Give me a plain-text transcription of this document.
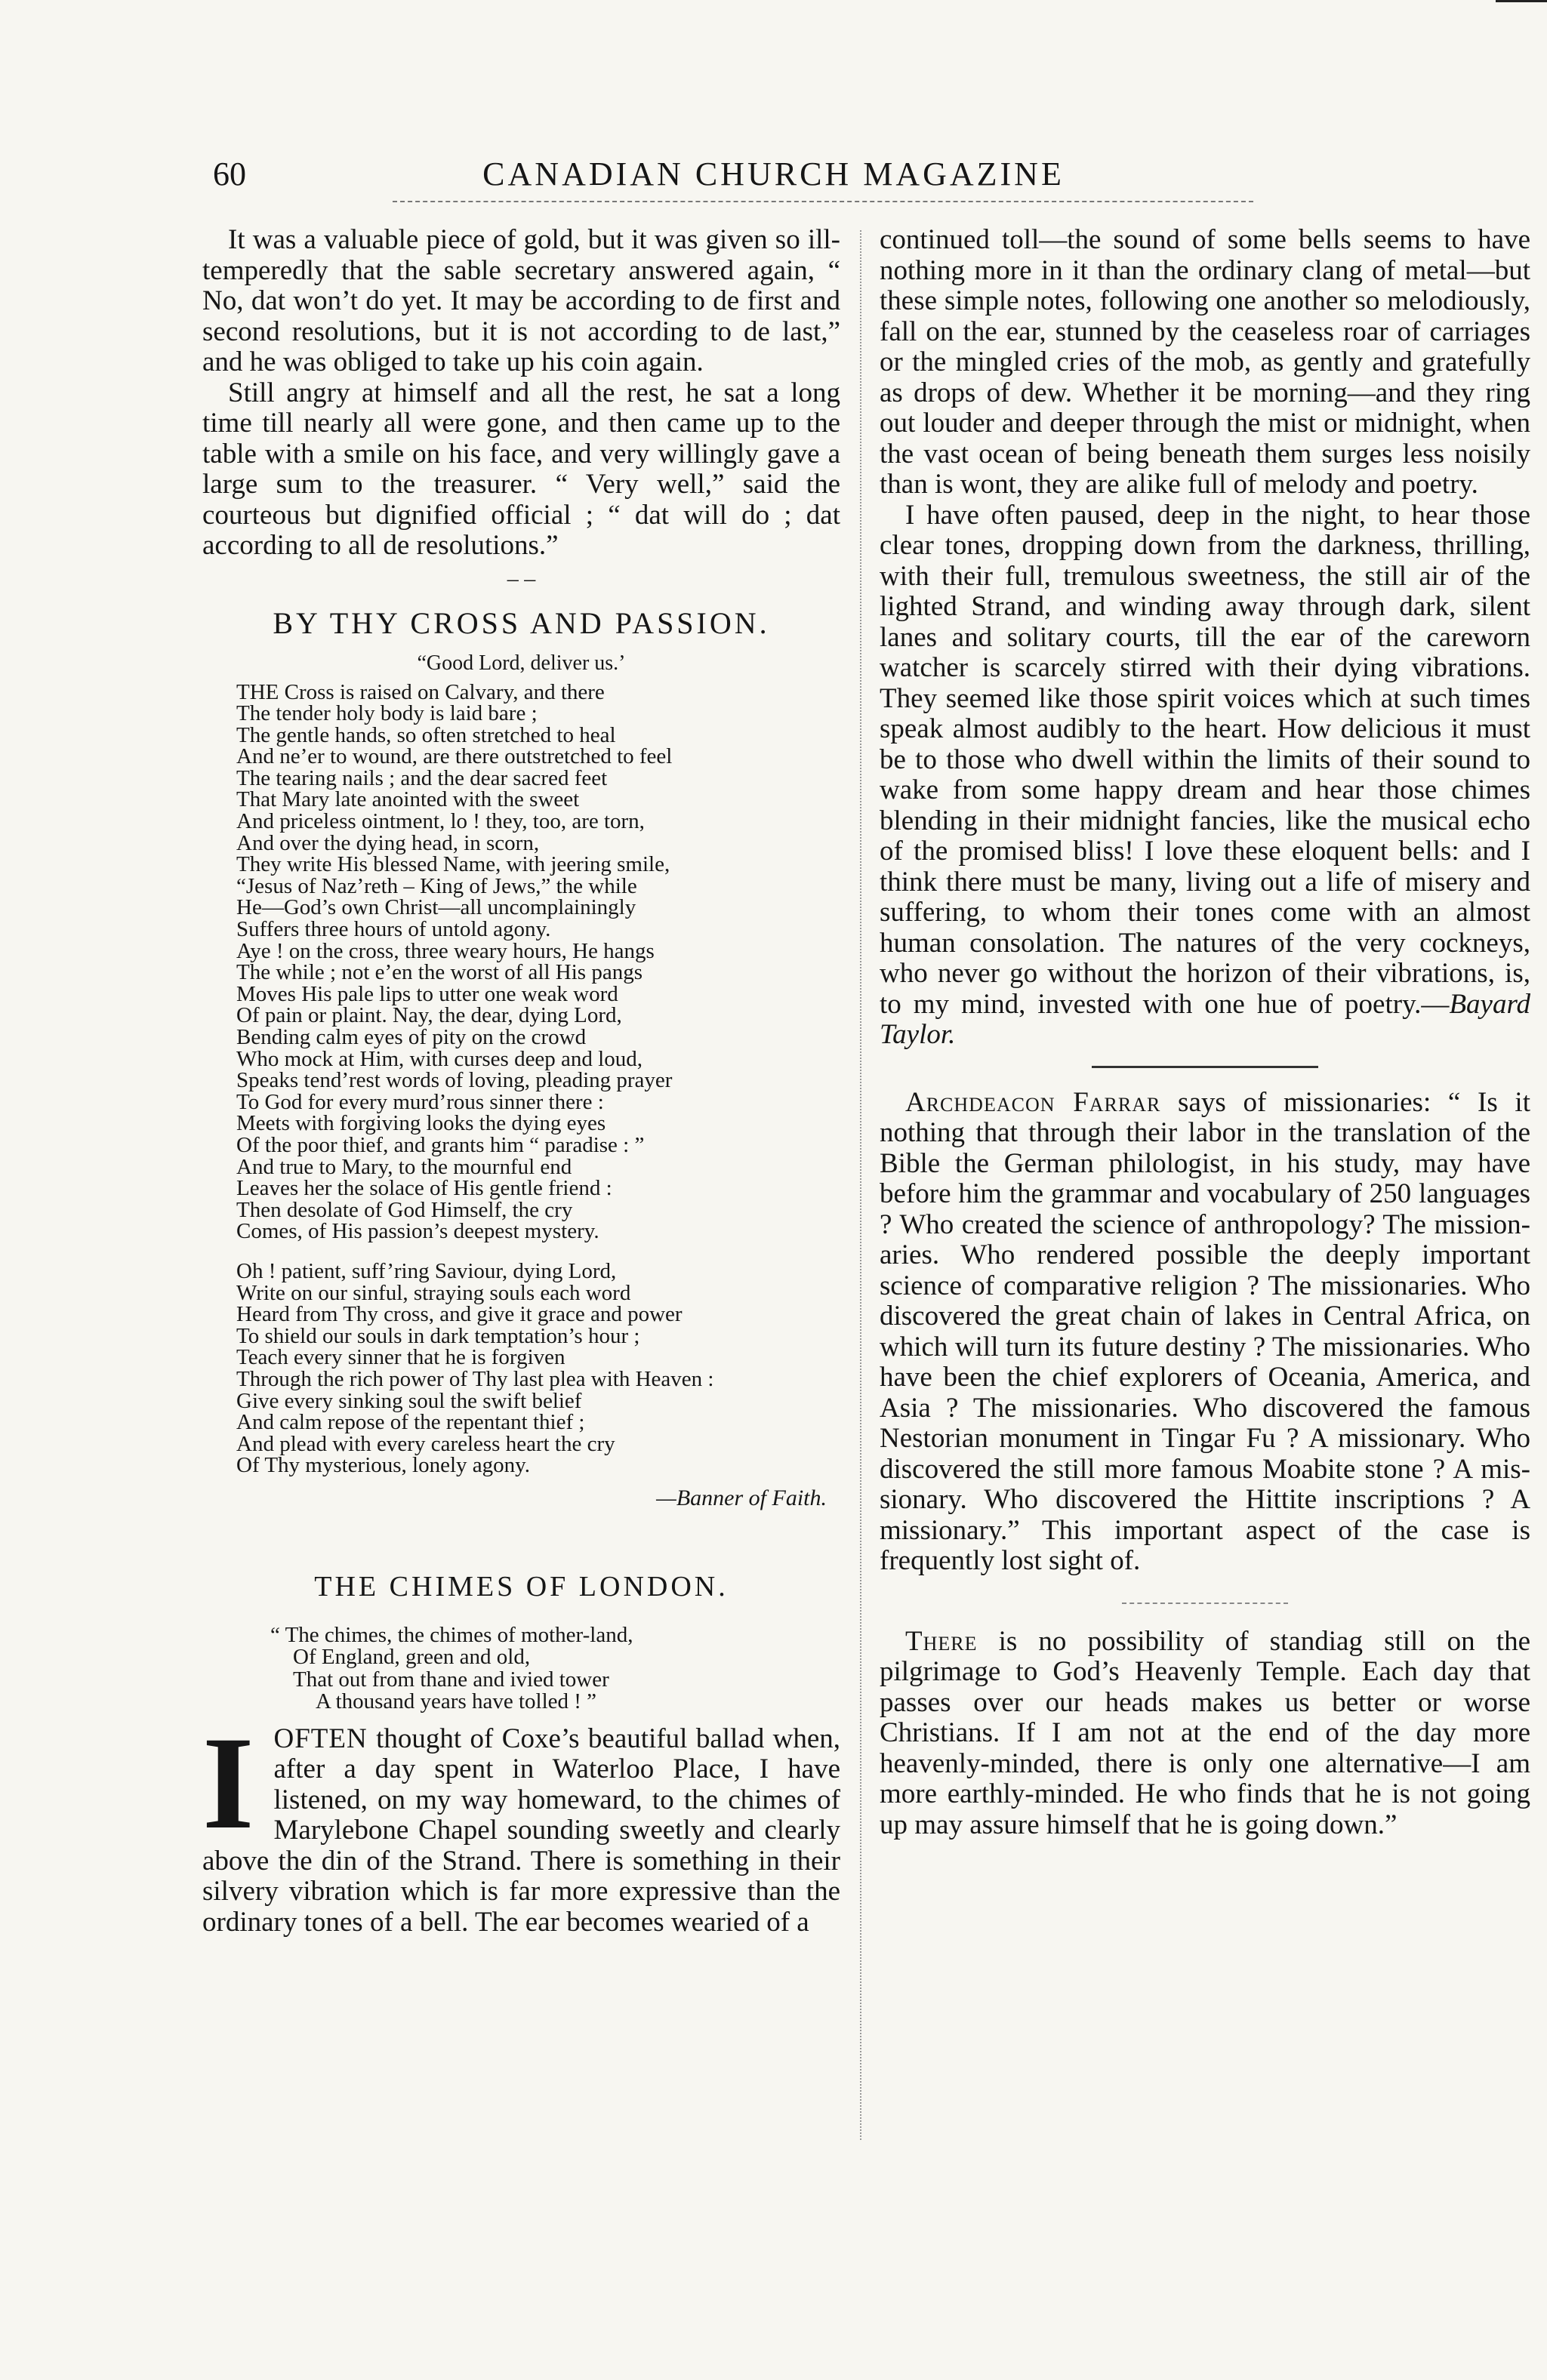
60	CANADIAN CHURCH MAGAZINE

It was a valuable piece of gold, but it was given so ill-temperedly that the sable secretary answered again, “ No, dat won’t do yet. It may be according to de first and second resolutions, but it is not according to de last,” and he was obliged to take up his coin again.

Still angry at himself and all the rest, he sat a long time till nearly all were gone, and then came up to the table with a smile on his face, and very willingly gave a large sum to the treasurer. “ Very well,” said the courteous but dignified official ; “ dat will do ; dat according to all de resolutions.”

– –
BY THY CROSS AND PASSION.
“Good Lord, deliver us.’
THE Cross is raised on Calvary, and there
The tender holy body is laid bare ;
The gentle hands, so often stretched to heal
And ne’er to wound, are there outstretched to feel
The tearing nails ; and the dear sacred feet
That Mary late anointed with the sweet
And priceless ointment, lo ! they, too, are torn,
And over the dying head, in scorn,
They write His blessed Name, with jeering smile,
“Jesus of Naz’reth – King of Jews,” the while
He—God’s own Christ—all uncomplainingly
Suffers three hours of untold agony.
Aye ! on the cross, three weary hours, He hangs
The while ; not e’en the worst of all His pangs
Moves His pale lips to utter one weak word
Of pain or plaint. Nay, the dear, dying Lord,
Bending calm eyes of pity on the crowd
Who mock at Him, with curses deep and loud,
Speaks tend’rest words of loving, pleading prayer
To God for every murd’rous sinner there :
Meets with forgiving looks the dying eyes
Of the poor thief, and grants him “ paradise : ”
And true to Mary, to the mournful end
Leaves her the solace of His gentle friend :
Then desolate of God Himself, the cry
Comes, of His passion’s deepest mystery.
Oh ! patient, suff’ring Saviour, dying Lord,
Write on our sinful, straying souls each word
Heard from Thy cross, and give it grace and power
To shield our souls in dark temptation’s hour ;
Teach every sinner that he is forgiven
Through the rich power of Thy last plea with Heaven :
Give every sinking soul the swift belief
And calm repose of the repentant thief ;
And plead with every careless heart the cry
Of Thy mysterious, lonely agony.
—Banner of Faith.
THE CHIMES OF LONDON.
“ The chimes, the chimes of mother-land,
Of England, green and old,
That out from thane and ivied tower
A thousand years have tolled ! ”

I OFTEN thought of Coxe’s beautiful ballad when, after a day spent in Waterloo Place, I have listened, on my way homeward, to the chimes of Marylebone Chapel sounding sweetly and clearly above the din of the Strand. There is something in their silvery vibration which is far more expressive than the ordinary tones of a bell. The ear becomes wearied of a

continued toll—the sound of some bells seems to have nothing more in it than the ordinary clang of metal—but these simple notes, following one another so melodiously, fall on the ear, stunned by the ceaseless roar of carriages or the mingled cries of the mob, as gently and gratefully as drops of dew. Whether it be morning—and they ring out louder and deeper through the mist or midnight, when the vast ocean of being beneath them surges less noisily than is wont, they are alike full of melody and poetry.

I have often paused, deep in the night, to hear those clear tones, dropping down from the darkness, thrilling, with their full, tremulous sweetness, the still air of the lighted Strand, and winding away through dark, silent lanes and solitary courts, till the ear of the careworn watcher is scarcely stirred with their dying vibrations. They seemed like those spirit voices which at such times speak almost audibly to the heart. How delicious it must be to those who dwell within the limits of their sound to wake from some happy dream and hear those chimes blending in their midnight fancies, like the musical echo of the promised bliss! I love these eloquent bells: and I think there must be many, living out a life of misery and suffering, to whom their tones come with an almost human consolation. The natures of the very cockneys, who never go without the horizon of their vibrations, is, to my mind, invested with one hue of poetry.—Bayard Taylor.

Archdeacon Farrar says of missionaries: “ Is it nothing that through their labor in the translation of the Bible the German philologist, in his study, may have before him the grammar and vocabulary of 250 languages ? Who created the science of anthropology? The missionaries. Who rendered possible the deeply important science of comparative religion ? The missionaries. Who discovered the great chain of lakes in Central Africa, on which will turn its future destiny ? The missionaries. Who have been the chief explorers of Oceania, America, and Asia ? The missionaries. Who discovered the famous Nestorian monument in Tingar Fu ? A missionary. Who discovered the still more famous Moabite stone ? A missionary. Who discovered the Hittite inscriptions ? A missionary.” This important aspect of the case is frequently lost sight of.

There is no possibility of standiag still on the pilgrimage to God’s Heavenly Temple. Each day that passes over our heads makes us better or worse Christians. If I am not at the end of the day more heavenly-minded, there is only one alternative—I am more earthly-minded. He who finds that he is not going up may assure himself that he is going down.”
